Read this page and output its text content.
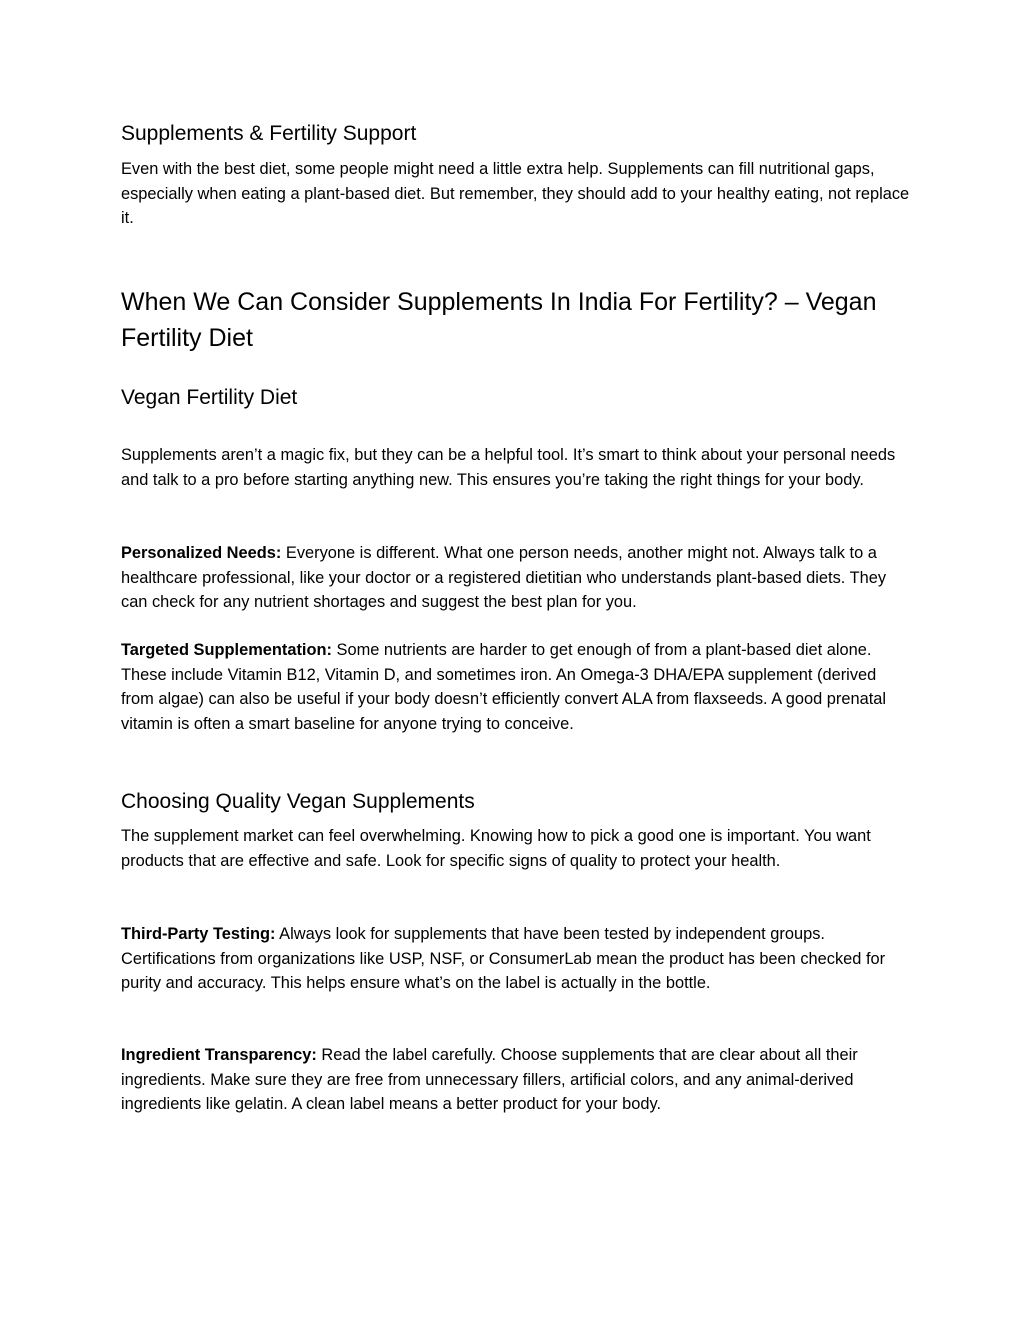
Supplements & Fertility Support

Even with the best diet, some people might need a little extra help. Supplements can fill nutritional gaps, especially when eating a plant-based diet. But remember, they should add to your healthy eating, not replace it.

When We Can Consider Supplements In India For Fertility? – Vegan Fertility Diet
Vegan Fertility Diet

Supplements aren’t a magic fix, but they can be a helpful tool. It’s smart to think about your personal needs and talk to a pro before starting anything new. This ensures you’re taking the right things for your body.

Personalized Needs: Everyone is different. What one person needs, another might not. Always talk to a healthcare professional, like your doctor or a registered dietitian who understands plant-based diets. They can check for any nutrient shortages and suggest the best plan for you.

Targeted Supplementation: Some nutrients are harder to get enough of from a plant-based diet alone. These include Vitamin B12, Vitamin D, and sometimes iron. An Omega-3 DHA/EPA supplement (derived from algae) can also be useful if your body doesn’t efficiently convert ALA from flaxseeds. A good prenatal vitamin is often a smart baseline for anyone trying to conceive.

Choosing Quality Vegan Supplements

The supplement market can feel overwhelming. Knowing how to pick a good one is important. You want products that are effective and safe. Look for specific signs of quality to protect your health.

Third-Party Testing: Always look for supplements that have been tested by independent groups. Certifications from organizations like USP, NSF, or ConsumerLab mean the product has been checked for purity and accuracy. This helps ensure what’s on the label is actually in the bottle.

Ingredient Transparency: Read the label carefully. Choose supplements that are clear about all their ingredients. Make sure they are free from unnecessary fillers, artificial colors, and any animal-derived ingredients like gelatin. A clean label means a better product for your body.
